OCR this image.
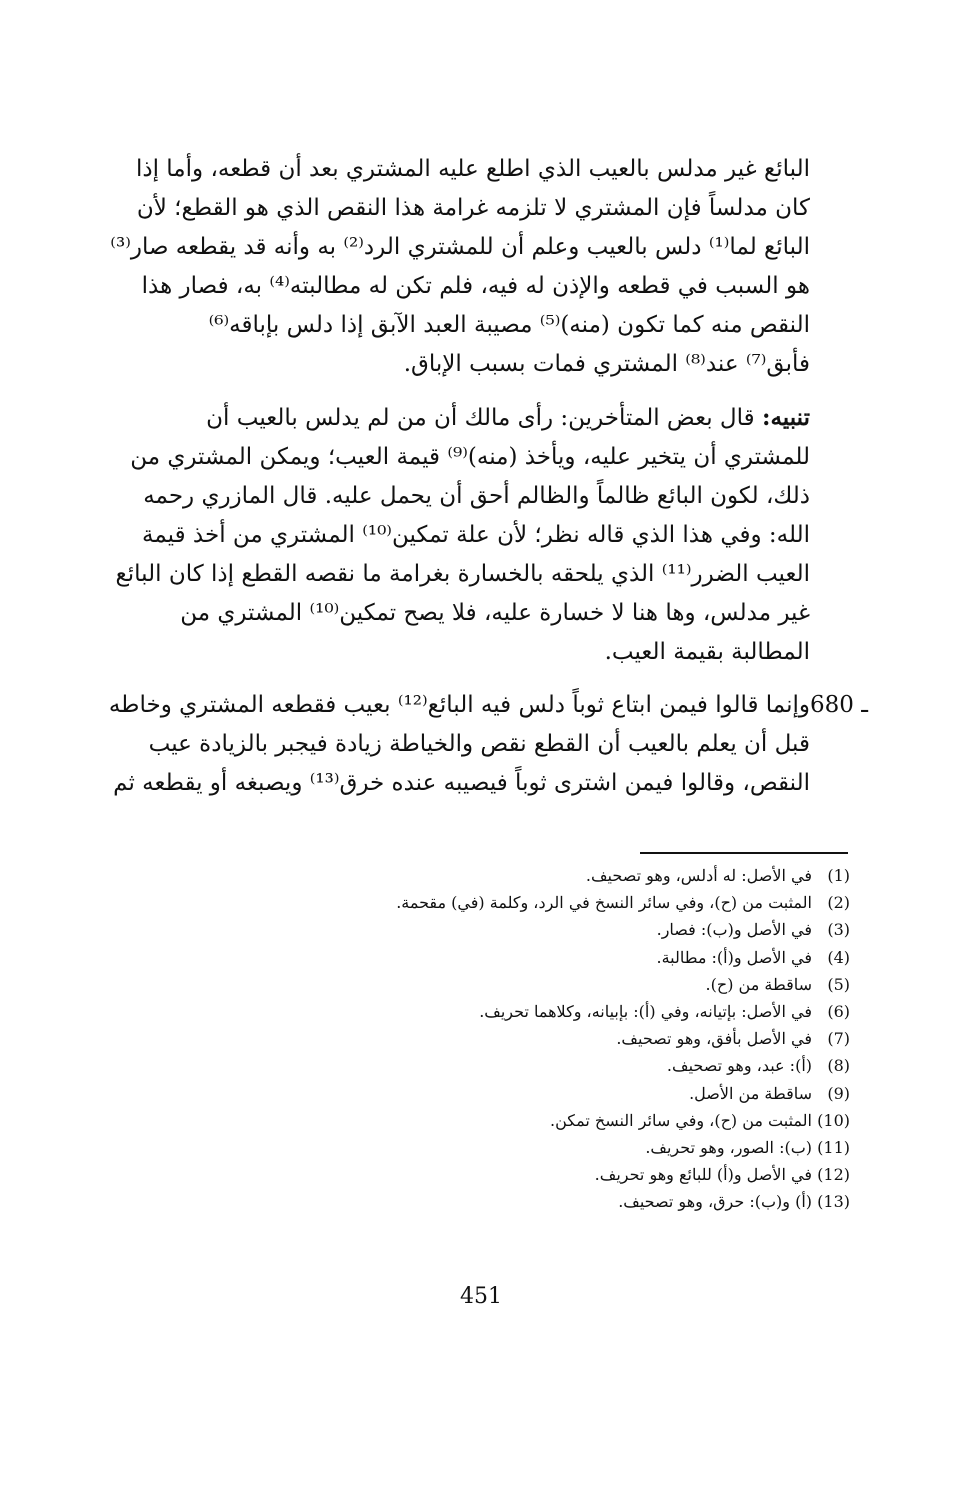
البائع غير مدلس بالعيب الذي اطلع عليه المشتري بعد أن قطعه، وأما إذا
كان مدلساً فإن المشتري لا تلزمه غرامة هذا النقص الذي هو القطع؛ لأن
البائع لما⁽¹⁾ دلس بالعيب وعلم أن للمشتري الرد⁽²⁾ به وأنه قد يقطعه صار⁽³⁾
هو السبب في قطعه والإذن له فيه، فلم تكن له مطالبته⁽⁴⁾ به، فصار هذا
النقص منه كما تكون (منه)⁽⁵⁾ مصيبة العبد الآبق إذا دلس بإباقه⁽⁶⁾
فأبق⁽⁷⁾ عند⁽⁸⁾ المشتري فمات بسبب الإباق.

تنبيه: قال بعض المتأخرين: رأى مالك أن من لم يدلس بالعيب أن
للمشتري أن يتخير عليه، ويأخذ (منه)⁽⁹⁾ قيمة العيب؛ ويمكن المشتري من
ذلك، لكون البائع ظالماً والظالم أحق أن يحمل عليه. قال المازري رحمه
الله: وفي هذا الذي قاله نظر؛ لأن علة تمكين⁽¹⁰⁾ المشتري من أخذ قيمة
العيب الضرر⁽¹¹⁾ الذي يلحقه بالخسارة بغرامة ما نقصه القطع إذا كان البائع
غير مدلس، وها هنا لا خسارة عليه، فلا يصح تمكين⁽¹⁰⁾ المشتري من
المطالبة بقيمة العيب.

680 ـ

وإنما قالوا فيمن ابتاع ثوباً دلس فيه البائع⁽¹²⁾ بعيب فقطعه المشتري وخاطه
قبل أن يعلم بالعيب أن القطع نقص والخياطة زيادة فيجبر بالزيادة عيب
النقص، وقالوا فيمن اشترى ثوباً فيصيبه عنده خرق⁽¹³⁾ ويصبغه أو يقطعه ثم

(1)
في الأصل: له أدلس، وهو تصحيف.
(2)
المثبت من (ح)، وفي سائر النسخ في الرد، وكلمة (في) مقحمة.
(3)
في الأصل و(ب): فصار.
(4)
في الأصل و(أ): مطالبة.
(5)
ساقطة من (ح).
(6)
في الأصل: بإتيانه، وفي (أ): بإبيانه، وكلاهما تحريف.
(7)
في الأصل بأفق، وهو تصحيف.
(8)
(أ): عبد، وهو تصحيف.
(9)
ساقطة من الأصل.
(10)
المثبت من (ح)، وفي سائر النسخ تمكن.
(11)
(ب): الصور، وهو تحريف.
(12)
في الأصل و(أ) للبائع وهو تحريف.
(13)
(أ) و(ب): حرق، وهو تصحيف.
451
